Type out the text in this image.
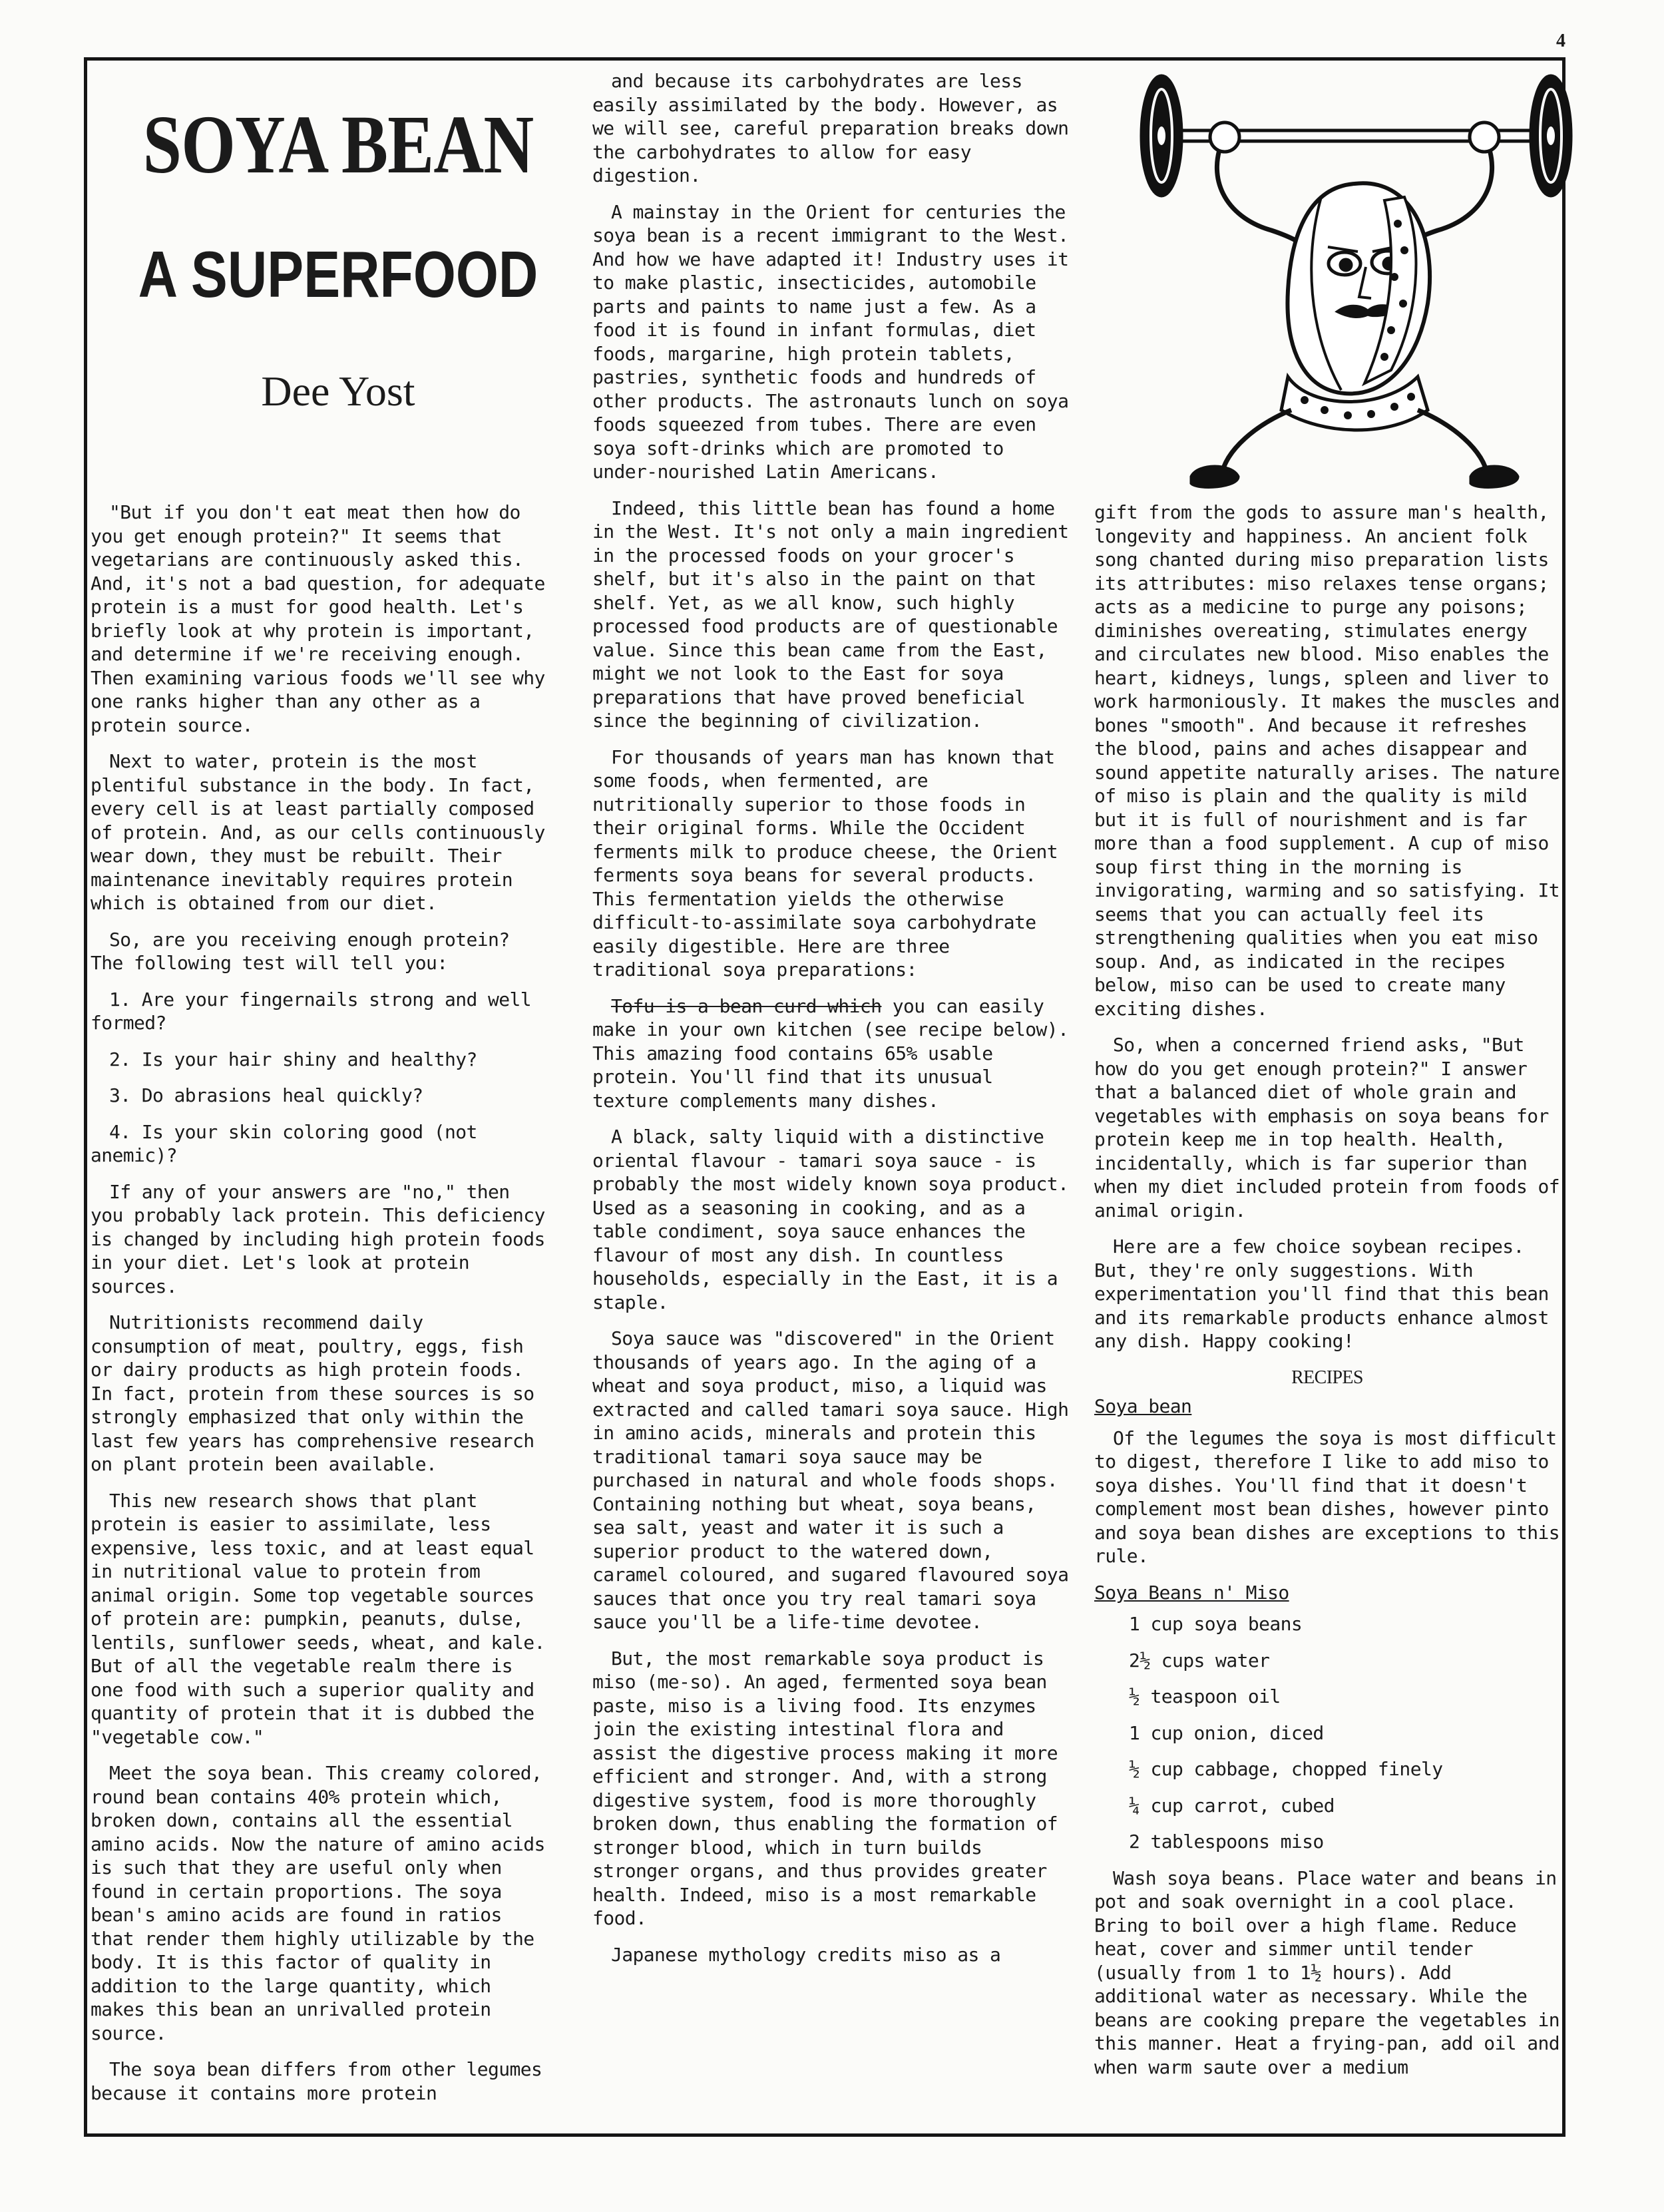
4
SOYA BEAN
A SUPERFOOD
Dee Yost

"But if you don't eat meat then how do you get enough protein?" It seems that vegetarians are continuously asked this. And, it's not a bad question, for adequate protein is a must for good health. Let's briefly look at why protein is important, and determine if we're receiving enough. Then examining various foods we'll see why one ranks higher than any other as a protein source.

Next to water, protein is the most plentiful substance in the body. In fact, every cell is at least partially composed of protein. And, as our cells continuously wear down, they must be rebuilt. Their maintenance inevitably requires protein which is obtained from our diet.

So, are you receiving enough protein? The following test will tell you:

1. Are your fingernails strong and well formed?

2. Is your hair shiny and healthy?

3. Do abrasions heal quickly?

4. Is your skin coloring good (not anemic)?

If any of your answers are "no," then you probably lack protein. This deficiency is changed by including high protein foods in your diet. Let's look at protein sources.

Nutritionists recommend daily consumption of meat, poultry, eggs, fish or dairy products as high protein foods. In fact, protein from these sources is so strongly emphasized that only within the last few years has comprehensive research on plant protein been available.

This new research shows that plant protein is easier to assimilate, less expensive, less toxic, and at least equal in nutritional value to protein from animal origin. Some top vegetable sources of protein are: pumpkin, peanuts, dulse, lentils, sunflower seeds, wheat, and kale. But of all the vegetable realm there is one food with such a superior quality and quantity of protein that it is dubbed the "vegetable cow."

Meet the soya bean. This creamy colored, round bean contains 40% protein which, broken down, contains all the essential amino acids. Now the nature of amino acids is such that they are useful only when found in certain proportions. The soya bean's amino acids are found in ratios that render them highly utilizable by the body. It is this factor of quality in addition to the large quantity, which makes this bean an unrivalled protein source.

The soya bean differs from other legumes because it contains more protein

and because its carbohydrates are less easily assimilated by the body. However, as we will see, careful preparation breaks down the carbohydrates to allow for easy digestion.

A mainstay in the Orient for centuries the soya bean is a recent immigrant to the West. And how we have adapted it! Industry uses it to make plastic, insecticides, automobile parts and paints to name just a few. As a food it is found in infant formulas, diet foods, margarine, high protein tablets, pastries, synthetic foods and hundreds of other products. The astronauts lunch on soya foods squeezed from tubes. There are even soya soft-drinks which are promoted to under-nourished Latin Americans.

Indeed, this little bean has found a home in the West. It's not only a main ingredient in the processed foods on your grocer's shelf, but it's also in the paint on that shelf. Yet, as we all know, such highly processed food products are of questionable value. Since this bean came from the East, might we not look to the East for soya preparations that have proved beneficial since the beginning of civilization.

For thousands of years man has known that some foods, when fermented, are nutritionally superior to those foods in their original forms. While the Occident ferments milk to produce cheese, the Orient ferments soya beans for several products. This fermentation yields the otherwise difficult-to-assimilate soya carbohydrate easily digestible. Here are three traditional soya preparations:

Tofu is a bean curd which you can easily make in your own kitchen (see recipe below). This amazing food contains 65% usable protein. You'll find that its unusual texture complements many dishes.

A black, salty liquid with a distinctive oriental flavour - tamari soya sauce - is probably the most widely known soya product. Used as a seasoning in cooking, and as a table condiment, soya sauce enhances the flavour of most any dish. In countless households, especially in the East, it is a staple.

Soya sauce was "discovered" in the Orient thousands of years ago. In the aging of a wheat and soya product, miso, a liquid was extracted and called tamari soya sauce. High in amino acids, minerals and protein this traditional tamari soya sauce may be purchased in natural and whole foods shops. Containing nothing but wheat, soya beans, sea salt, yeast and water it is such a superior product to the watered down, caramel coloured, and sugared flavoured soya sauces that once you try real tamari soya sauce you'll be a life-time devotee.

But, the most remarkable soya product is miso (me-so). An aged, fermented soya bean paste, miso is a living food. Its enzymes join the existing intestinal flora and assist the digestive process making it more efficient and stronger. And, with a strong digestive system, food is more thoroughly broken down, thus enabling the formation of stronger blood, which in turn builds stronger organs, and thus provides greater health. Indeed, miso is a most remarkable food.

Japanese mythology credits miso as a

gift from the gods to assure man's health, longevity and happiness. An ancient folk song chanted during miso preparation lists its attributes: miso relaxes tense organs; acts as a medicine to purge any poisons; diminishes overeating, stimulates energy and circulates new blood. Miso enables the heart, kidneys, lungs, spleen and liver to work harmoniously. It makes the muscles and bones "smooth". And because it refreshes the blood, pains and aches disappear and sound appetite naturally arises. The nature of miso is plain and the quality is mild but it is full of nourishment and is far more than a food supplement. A cup of miso soup first thing in the morning is invigorating, warming and so satisfying. It seems that you can actually feel its strengthening qualities when you eat miso soup. And, as indicated in the recipes below, miso can be used to create many exciting dishes.

So, when a concerned friend asks, "But how do you get enough protein?" I answer that a balanced diet of whole grain and vegetables with emphasis on soya beans for protein keep me in top health. Health, incidentally, which is far superior than when my diet included protein from foods of animal origin.

Here are a few choice soybean recipes. But, they're only suggestions. With experimentation you'll find that this bean and its remarkable products enhance almost any dish. Happy cooking!

RECIPES

Soya bean

Of the legumes the soya is most difficult to digest, therefore I like to add miso to soya dishes. You'll find that it doesn't complement most bean dishes, however pinto and soya bean dishes are exceptions to this rule.

Soya Beans n' Miso

1 cup soya beans

2½ cups water

½ teaspoon oil

1 cup onion, diced

½ cup cabbage, chopped finely

¼ cup carrot, cubed

2 tablespoons miso

Wash soya beans. Place water and beans in pot and soak overnight in a cool place. Bring to boil over a high flame. Reduce heat, cover and simmer until tender (usually from 1 to 1½ hours). Add additional water as necessary. While the beans are cooking prepare the vegetables in this manner. Heat a frying-pan, add oil and when warm saute over a medium
